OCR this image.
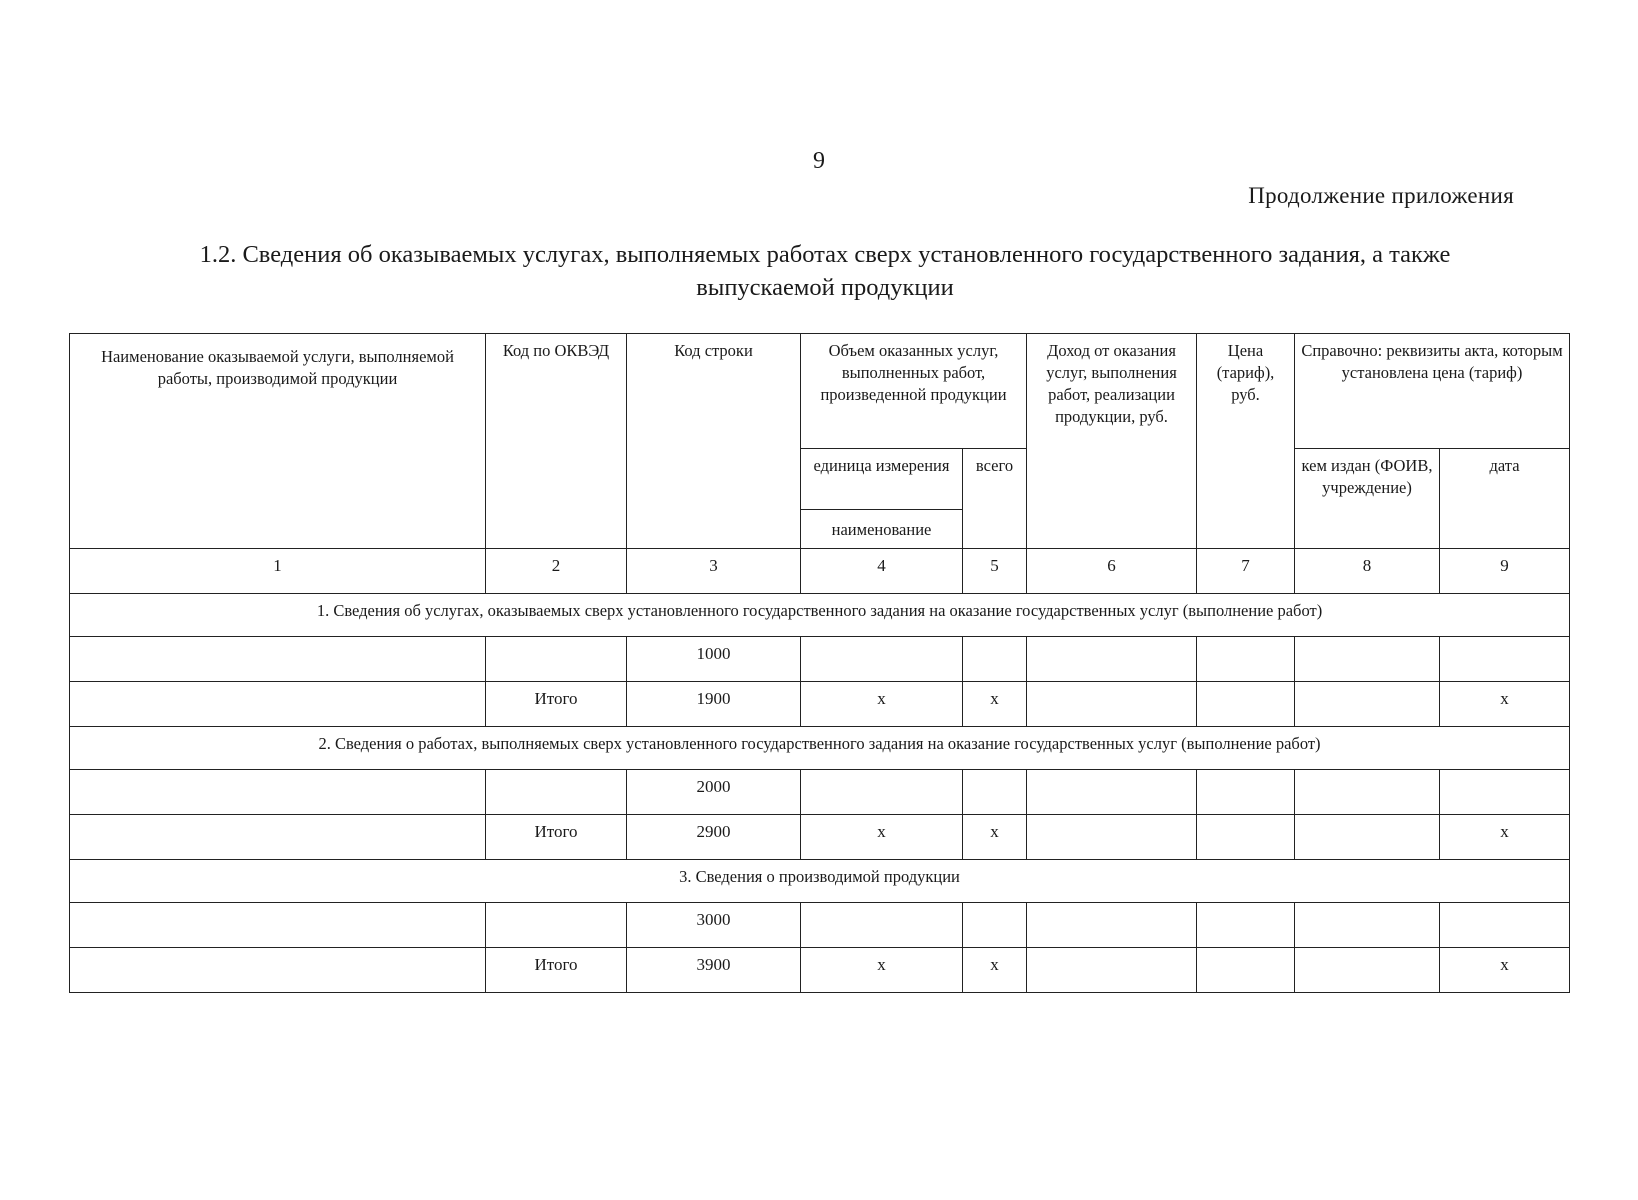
9
Продолжение приложения
1.2. Сведения об оказываемых услугах, выполняемых работах сверх установленного государственного задания, а также
выпускаемой продукции
Наименование оказываемой услуги, выполняемой работы, производимой продукции	Код по ОКВЭД	Код строки	Объем оказанных услуг, выполненных работ, произведенной продукции		Доход от оказания услуг, выполнения работ, реализации продукции, руб.	Цена (тариф), руб.	Справочно: реквизиты акта, которым установлена цена (тариф)	
			единица измерения	всего			кем издан (ФОИВ, учреждение)	дата
			наименование					
1	2	3	4	5	6	7	8	9
1. Сведения об услугах, оказываемых сверх установленного государственного задания на оказание государственных услуг (выполнение работ)								
		1000						
	Итого	1900	х	х				х
2. Сведения о работах, выполняемых сверх установленного государственного задания на оказание государственных услуг (выполнение работ)								
		2000						
	Итого	2900	х	х				х
3. Сведения о производимой продукции								
		3000						
	Итого	3900	х	х				х
